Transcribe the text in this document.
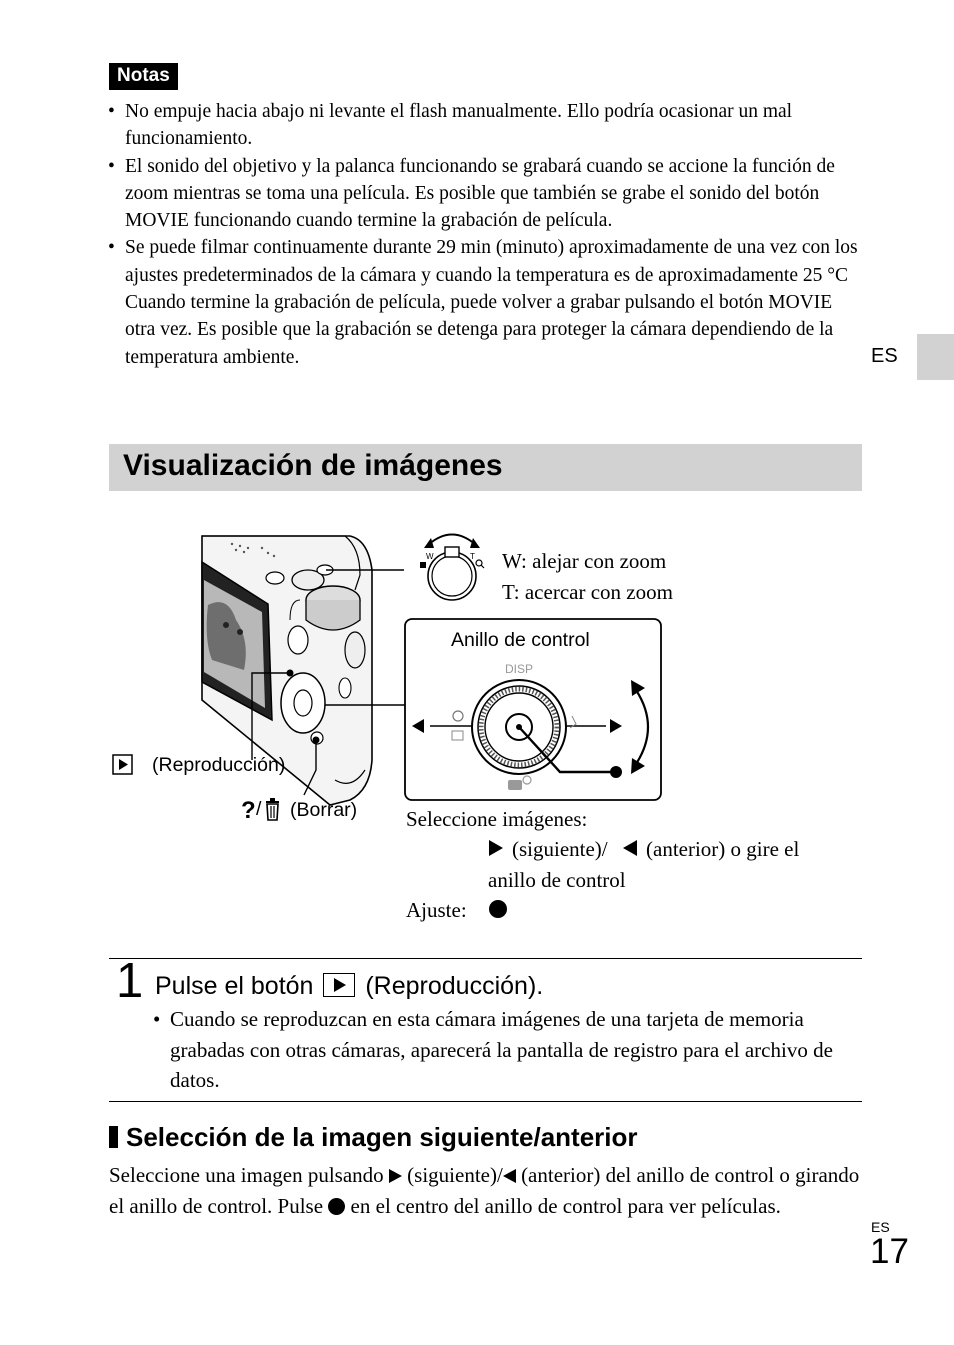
Notas
• No empuje hacia abajo ni levante el flash manualmente. Ello podría ocasionar un mal funcionamiento.
• El sonido del objetivo y la palanca funcionando se grabará cuando se accione la función de zoom mientras se toma una película. Es posible que también se grabe el sonido del botón MOVIE funcionando cuando termine la grabación de película.
• Se puede filmar continuamente durante 29 min (minuto) aproximadamente de una vez con los ajustes predeterminados de la cámara y cuando la temperatura es de aproximadamente 25 °C
Cuando termine la grabación de película, puede volver a grabar pulsando el botón MOVIE otra vez. Es posible que la grabación se detenga para proteger la cámara dependiendo de la temperatura ambiente.	ES
Visualización de imágenes
W: alejar con zoom
T: acercar con zoom
W	T
Anillo de control
DISP
(Reproducción)
? / (Borrar) Seleccione imágenes:
(siguiente)/ (anterior) o gire el
anillo de control
Ajuste:
1 Pulse el botón (Reproducción).
• Cuando se reproduzcan en esta cámara imágenes de una tarjeta de memoria grabadas con otras cámaras, aparecerá la pantalla de registro para el archivo de datos.
Selección de la imagen siguiente/anterior
Seleccione una imagen pulsando (siguiente)/ (anterior) del anillo de control o girando el anillo de control. Pulse en el centro del anillo de control para ver películas.
ES
17
